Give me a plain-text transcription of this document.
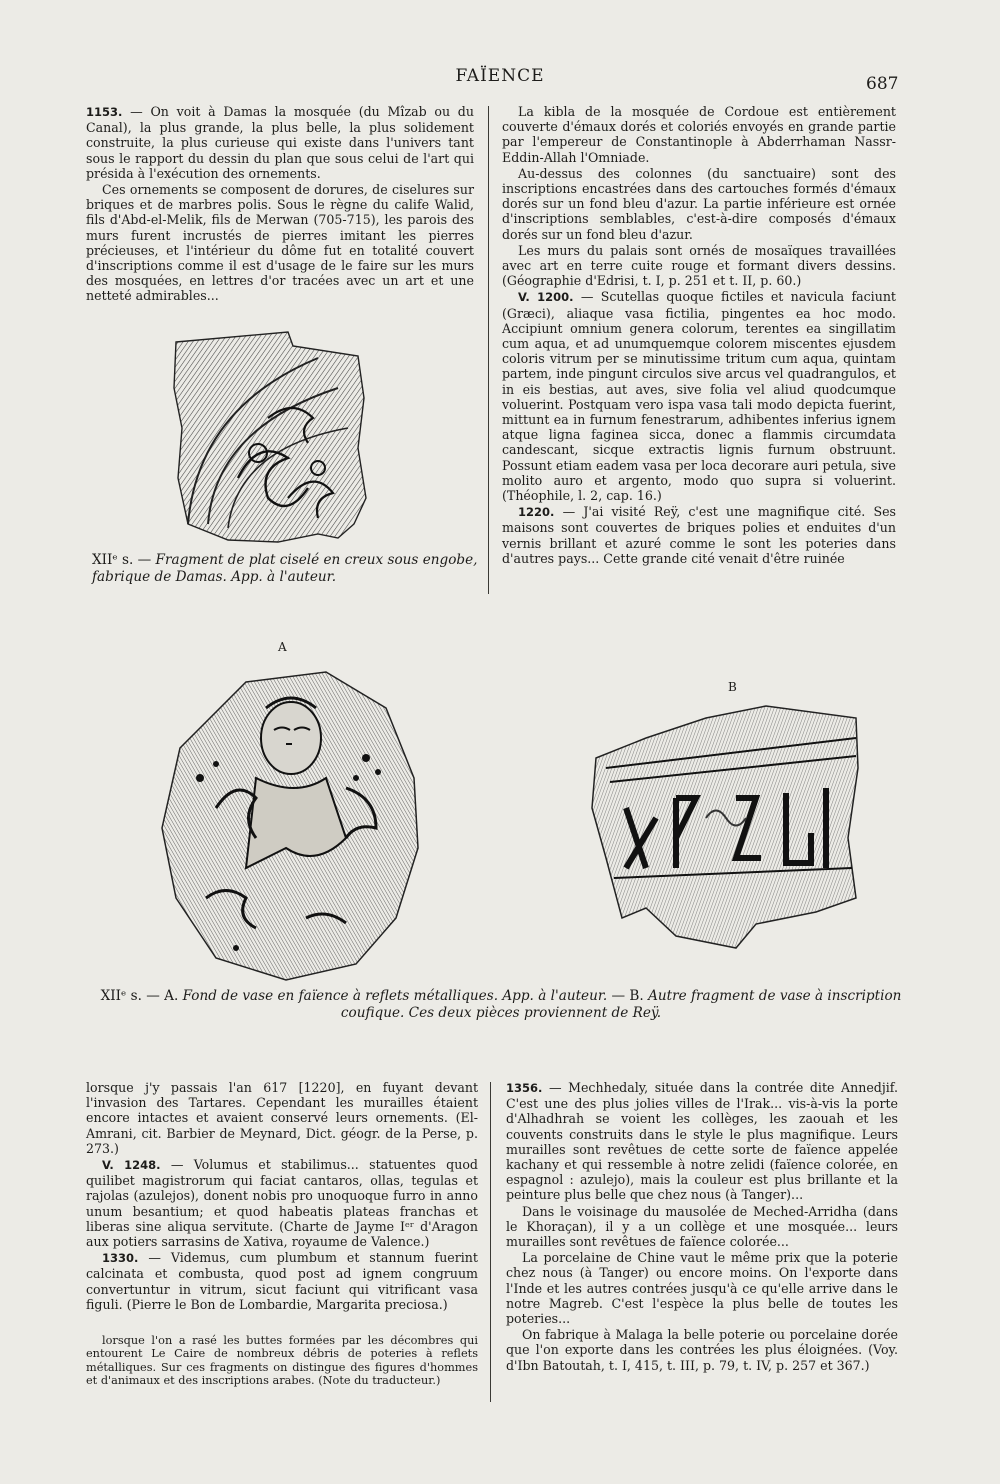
FAÏENCE	687

1153. — On voit à Damas la mosquée (du Mîzab ou du Canal), la plus grande, la plus belle, la plus solidement construite, la plus curieuse qui existe dans l'univers tant sous le rapport du dessin du plan que sous celui de l'art qui présida à l'exécution des ornements.

Ces ornements se composent de dorures, de ciselures sur briques et de marbres polis. Sous le règne du calife Walid, fils d'Abd-el-Melik, fils de Merwan (705-715), les parois des murs furent incrustés de pierres imitant les pierres précieuses, et l'intérieur du dôme fut en totalité couvert d'inscriptions comme il est d'usage de le faire sur les murs des mosquées, en lettres d'or tracées avec un art et une netteté admirables...

XIIᵉ s. — Fragment de plat ciselé en creux sous engobe, fabrique de Damas. App. à l'auteur.

La kibla de la mosquée de Cordoue est entièrement couverte d'émaux dorés et coloriés envoyés en grande partie par l'empereur de Constantinople à Abderrhaman Nassr-Eddin-Allah l'Omniade.

Au-dessus des colonnes (du sanctuaire) sont des inscriptions encastrées dans des cartouches formés d'émaux dorés sur un fond bleu d'azur. La partie inférieure est ornée d'inscriptions semblables, c'est-à-dire composés d'émaux dorés sur un fond bleu d'azur.

Les murs du palais sont ornés de mosaïques travaillées avec art en terre cuite rouge et formant divers dessins. (Géographie d'Edrisi, t. I, p. 251 et t. II, p. 60.)

V. 1200. — Scutellas quoque fictiles et navicula faciunt (Græci), aliaque vasa fictilia, pingentes ea hoc modo. Accipiunt omnium genera colorum, terentes ea singillatim cum aqua, et ad unumquemque colorem miscentes ejusdem coloris vitrum per se minutissime tritum cum aqua, quintam partem, inde pingunt circulos sive arcus vel quadrangulos, et in eis bestias, aut aves, sive folia vel aliud quodcumque voluerint. Postquam vero ispa vasa tali modo depicta fuerint, mittunt ea in furnum fenestrarum, adhibentes inferius ignem atque ligna faginea sicca, donec a flammis circumdata candescant, sicque extractis lignis furnum obstruunt. Possunt etiam eadem vasa per loca decorare auri petula, sive molito auro et argento, modo quo supra si voluerint. (Théophile, l. 2, cap. 16.)

1220. — J'ai visité Reÿ, c'est une magnifique cité. Ses maisons sont couvertes de briques polies et enduites d'un vernis brillant et azuré comme le sont les poteries dans d'autres pays... Cette grande cité venait d'être ruinée

A
B
XIIᵉ s. — A. Fond de vase en faïence à reflets métalliques. App. à l'auteur. — B. Autre fragment de vase à inscription coufique. Ces deux pièces proviennent de Reÿ.

lorsque j'y passais l'an 617 [1220], en fuyant devant l'invasion des Tartares. Cependant les murailles étaient encore intactes et avaient conservé leurs ornements. (El-Amrani, cit. Barbier de Meynard, Dict. géogr. de la Perse, p. 273.)

V. 1248. — Volumus et stabilimus... statuentes quod quilibet magistrorum qui faciat cantaros, ollas, tegulas et rajolas (azulejos), donent nobis pro unoquoque furro in anno unum besantium; et quod habeatis plateas franchas et liberas sine aliqua servitute. (Charte de Jayme Iᵉʳ d'Aragon aux potiers sarrasins de Xativa, royaume de Valence.)

1330. — Videmus, cum plumbum et stannum fuerint calcinata et combusta, quod post ad ignem congruum convertuntur in vitrum, sicut faciunt qui vitrificant vasa figuli. (Pierre le Bon de Lombardie, Margarita preciosa.)

lorsque l'on a rasé les buttes formées par les décombres qui entourent Le Caire de nombreux débris de poteries à reflets métalliques. Sur ces fragments on distingue des figures d'hommes et d'animaux et des inscriptions arabes. (Note du traducteur.)

1356. — Mechhedaly, située dans la contrée dite Annedjif. C'est une des plus jolies villes de l'Irak... vis-à-vis la porte d'Alhadhrah se voient les collèges, les zaouah et les couvents construits dans le style le plus magnifique. Leurs murailles sont revêtues de cette sorte de faïence appelée kachany et qui ressemble à notre zelidi (faïence colorée, en espagnol : azulejo), mais la couleur est plus brillante et la peinture plus belle que chez nous (à Tanger)...

Dans le voisinage du mausolée de Meched-Arridha (dans le Khoraçan), il y a un collège et une mosquée... leurs murailles sont revêtues de faïence colorée...

La porcelaine de Chine vaut le même prix que la poterie chez nous (à Tanger) ou encore moins. On l'exporte dans l'Inde et les autres contrées jusqu'à ce qu'elle arrive dans le notre Magreb. C'est l'espèce la plus belle de toutes les poteries...

On fabrique à Malaga la belle poterie ou porcelaine dorée que l'on exporte dans les contrées les plus éloignées. (Voy. d'Ibn Batoutah, t. I, 415, t. III, p. 79, t. IV, p. 257 et 367.)
